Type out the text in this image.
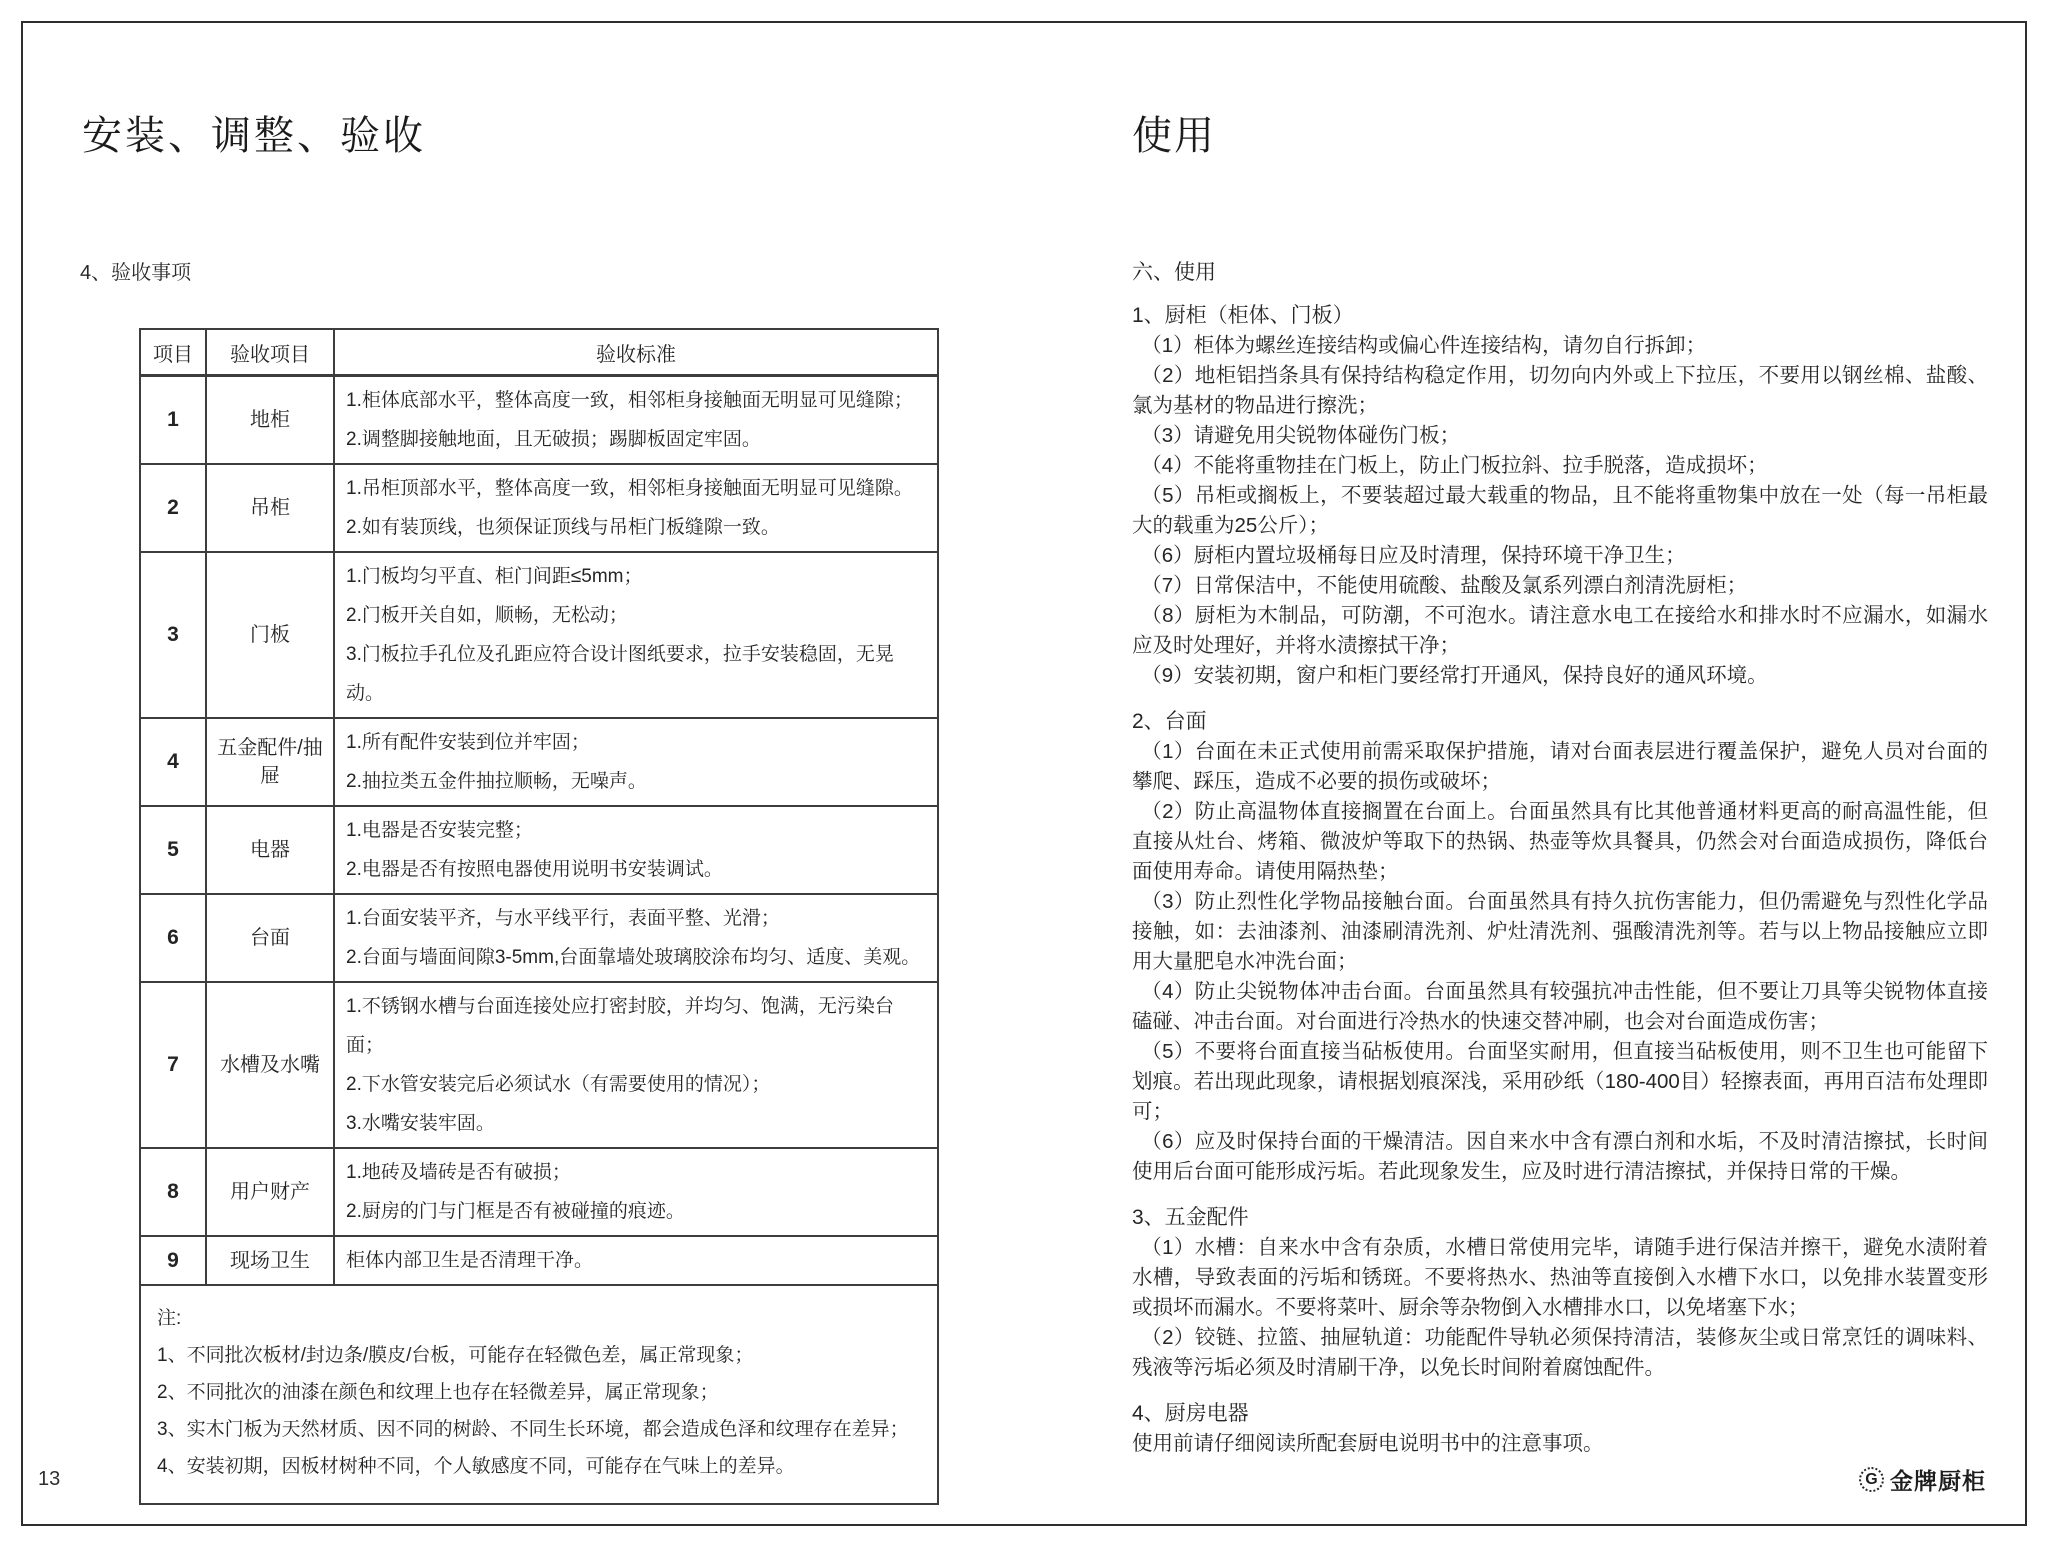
安装、调整、验收
4、验收事项
项目	验收项目	验收标准
1	地柜	1.柜体底部水平，整体高度一致，相邻柜身接触面无明显可见缝隙；
2.调整脚接触地面，且无破损；踢脚板固定牢固。

2	吊柜	1.吊柜顶部水平，整体高度一致，相邻柜身接触面无明显可见缝隙。
2.如有装顶线，也须保证顶线与吊柜门板缝隙一致。

3	门板	1.门板均匀平直、柜门间距≤5mm；
2.门板开关自如，顺畅，无松动；
3.门板拉手孔位及孔距应符合设计图纸要求，拉手安装稳固，无晃动。

4	五金配件/抽屉	1.所有配件安装到位并牢固；
2.抽拉类五金件抽拉顺畅，无噪声。

5	电器	1.电器是否安装完整；
2.电器是否有按照电器使用说明书安装调试。

6	台面	1.台面安装平齐，与水平线平行，表面平整、光滑；
2.台面与墙面间隙3-5mm,台面靠墙处玻璃胶涂布均匀、适度、美观。

7	水槽及水嘴	1.不锈钢水槽与台面连接处应打密封胶，并均匀、饱满，无污染台面；
2.下水管安装完后必须试水（有需要使用的情况）；
3.水嘴安装牢固。

8	用户财产	1.地砖及墙砖是否有破损；
2.厨房的门与门框是否有被碰撞的痕迹。

9	现场卫生	柜体内部卫生是否清理干净。

注:
1、不同批次板材/封边条/膜皮/台板，可能存在轻微色差，属正常现象；
2、不同批次的油漆在颜色和纹理上也存在轻微差异，属正常现象；
3、实木门板为天然材质、因不同的树龄、不同生长环境，都会造成色泽和纹理存在差异；
4、安装初期，因板材树种不同，个人敏感度不同，可能存在气味上的差异。		
使用
六、使用
1、厨柜（柜体、门板）

（1）柜体为螺丝连接结构或偏心件连接结构，请勿自行拆卸；

（2）地柜铝挡条具有保持结构稳定作用，切勿向内外或上下拉压，不要用以钢丝棉、盐酸、氯为基材的物品进行擦洗；

（3）请避免用尖锐物体碰伤门板；

（4）不能将重物挂在门板上，防止门板拉斜、拉手脱落，造成损坏；

（5）吊柜或搁板上，不要装超过最大载重的物品，且不能将重物集中放在一处（每一吊柜最大的载重为25公斤）；

（6）厨柜内置垃圾桶每日应及时清理，保持环境干净卫生；

（7）日常保洁中，不能使用硫酸、盐酸及氯系列漂白剂清洗厨柜；

（8）厨柜为木制品，可防潮，不可泡水。请注意水电工在接给水和排水时不应漏水，如漏水应及时处理好，并将水渍擦拭干净；

（9）安装初期，窗户和柜门要经常打开通风，保持良好的通风环境。

2、台面

（1）台面在未正式使用前需采取保护措施，请对台面表层进行覆盖保护，避免人员对台面的攀爬、踩压，造成不必要的损伤或破坏；

（2）防止高温物体直接搁置在台面上。台面虽然具有比其他普通材料更高的耐高温性能，但直接从灶台、烤箱、微波炉等取下的热锅、热壶等炊具餐具，仍然会对台面造成损伤，降低台面使用寿命。请使用隔热垫；

（3）防止烈性化学物品接触台面。台面虽然具有持久抗伤害能力，但仍需避免与烈性化学品接触，如：去油漆剂、油漆刷清洗剂、炉灶清洗剂、强酸清洗剂等。若与以上物品接触应立即用大量肥皂水冲洗台面；

（4）防止尖锐物体冲击台面。台面虽然具有较强抗冲击性能，但不要让刀具等尖锐物体直接磕碰、冲击台面。对台面进行冷热水的快速交替冲刷，也会对台面造成伤害；

（5）不要将台面直接当砧板使用。台面坚实耐用，但直接当砧板使用，则不卫生也可能留下划痕。若出现此现象，请根据划痕深浅，采用砂纸（180-400目）轻擦表面，再用百洁布处理即可；

（6）应及时保持台面的干燥清洁。因自来水中含有漂白剂和水垢，不及时清洁擦拭，长时间使用后台面可能形成污垢。若此现象发生，应及时进行清洁擦拭，并保持日常的干燥。

3、五金配件

（1）水槽：自来水中含有杂质，水槽日常使用完毕，请随手进行保洁并擦干，避免水渍附着水槽，导致表面的污垢和锈斑。不要将热水、热油等直接倒入水槽下水口，以免排水装置变形或损坏而漏水。不要将菜叶、厨余等杂物倒入水槽排水口，以免堵塞下水；

（2）铰链、拉篮、抽屉轨道：功能配件导轨必须保持清洁，装修灰尘或日常烹饪的调味料、残液等污垢必须及时清刷干净，以免长时间附着腐蚀配件。

4、厨房电器

使用前请仔细阅读所配套厨电说明书中的注意事项。

13	G 金牌厨柜
